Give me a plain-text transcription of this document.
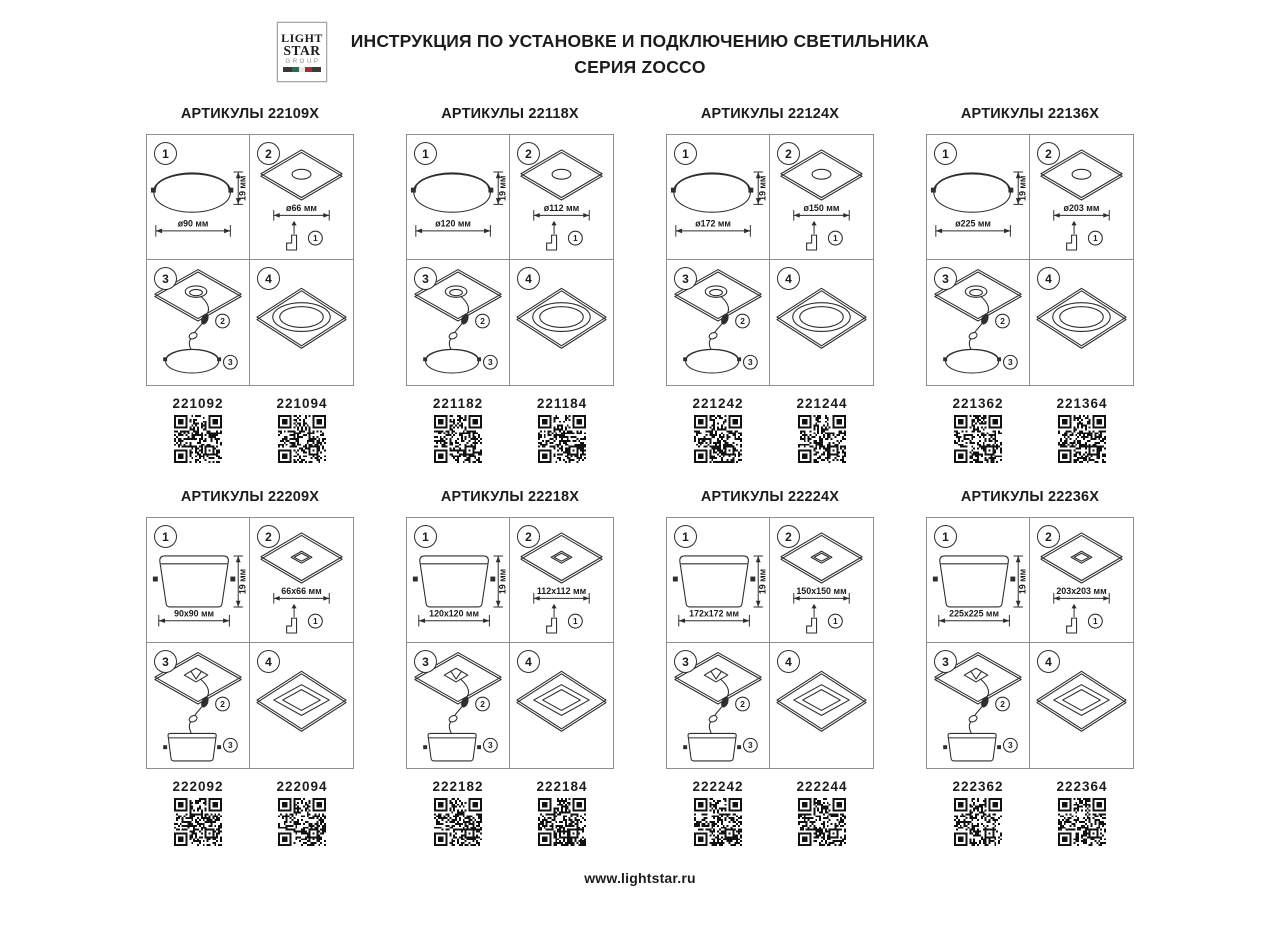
LIGHT
STAR
GROUP
ИНСТРУКЦИЯ ПО УСТАНОВКЕ И ПОДКЛЮЧЕНИЮ СВЕТИЛЬНИКА
СЕРИЯ ZOCCO
АРТИКУЛЫ 22109X
1
19 мм
ø90 мм
2
ø66 мм
1
3
2
3
4
221092	221094
АРТИКУЛЫ 22118X
1
19 мм
ø120 мм
2
ø112 мм
1
3
2
3
4
221182	221184
АРТИКУЛЫ 22124X
1
19 мм
ø172 мм
2
ø150 мм
1
3
2
3
4
221242	221244
АРТИКУЛЫ 22136X
1
19 мм
ø225 мм
2
ø203 мм
1
3
2
3
4
221362	221364
АРТИКУЛЫ 22209X
1
19 мм
90x90 мм
2
66x66 мм
1
3
2
3
4
222092	222094
АРТИКУЛЫ 22218X
1
19 мм
120x120 мм
2
112x112 мм
1
3
2
3
4
222182	222184
АРТИКУЛЫ 22224X
1
19 мм
172x172 мм
2
150x150 мм
1
3
2
3
4
222242	222244
АРТИКУЛЫ 22236X
1
19 мм
225x225 мм
2
203x203 мм
1
3
2
3
4
222362	222364
www.lightstar.ru
